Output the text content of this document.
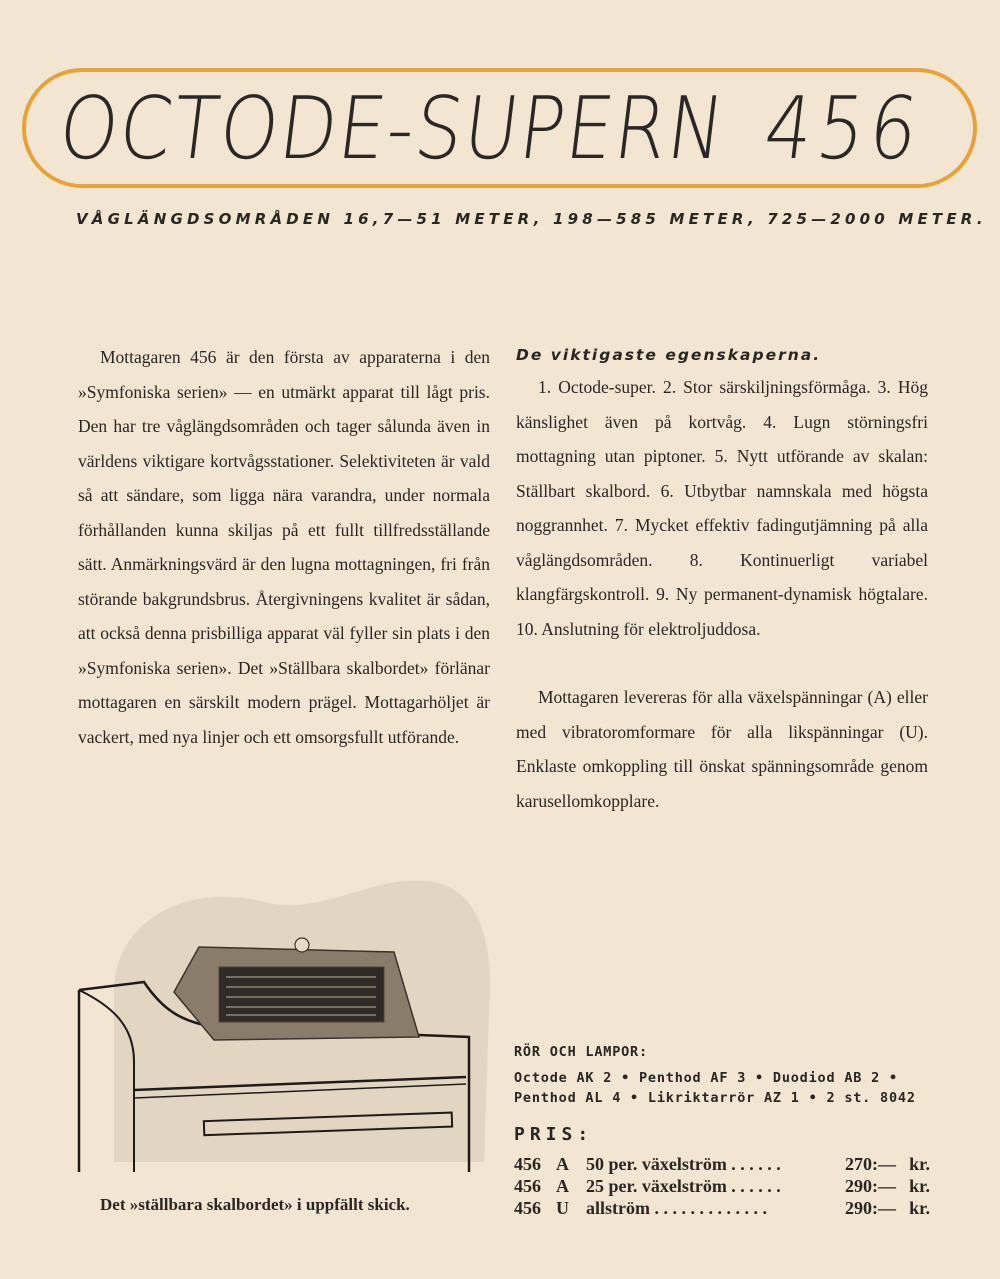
OCTODE-SUPERN 456
VÅGLÄNGDSOMRÅDEN 16,7—51 METER, 198—585 METER, 725—2000 METER.

Mottagaren 456 är den första av apparaterna i den »Symfoniska serien» — en utmärkt apparat till lågt pris. Den har tre våglängdsområden och tager sålunda även in världens viktigare kortvågsstationer. Selektiviteten är vald så att sändare, som ligga nära varandra, under normala förhållanden kunna skiljas på ett fullt tillfredsställande sätt. Anmärkningsvärd är den lugna mottagningen, fri från störande bakgrundsbrus. Återgivningens kvalitet är sådan, att också denna prisbilliga apparat väl fyller sin plats i den »Symfoniska serien». Det »Ställbara skalbordet» förlänar mottagaren en särskilt modern prägel. Mottagarhöljet är vackert, med nya linjer och ett omsorgsfullt utförande.

De viktigaste egenskaperna.

1. Octode-super. 2. Stor särskiljningsförmåga. 3. Hög känslighet även på kortvåg. 4. Lugn störningsfri mottagning utan piptoner. 5. Nytt utförande av skalan: Ställbart skalbord. 6. Utbytbar namnskala med högsta noggrannhet. 7. Mycket effektiv fadingutjämning på alla våglängdsområden. 8. Kontinuerligt variabel klangfärgskontroll. 9. Ny permanent-dynamisk högtalare. 10. Anslutning för elektroljuddosa.

Mottagaren levereras för alla växelspänningar (A) eller med vibratoromformare för alla likspänningar (U). Enklaste omkoppling till önskat spänningsområde genom karusellomkopplare.

Det »ställbara skalbordet» i uppfällt skick.
RÖR OCH LAMPOR:
Octode AK 2 • Penthod AF 3 • Duodiod AB 2 •
Penthod AL 4 • Likriktarrör AZ 1 • 2 st. 8042
PRIS:
456 A 50 per. växelström . . . . . .	270:— kr.
456 A 25 per. växelström . . . . . .	290:— kr.
456 U allström . . . . . . . . . . . . .	290:— kr.
